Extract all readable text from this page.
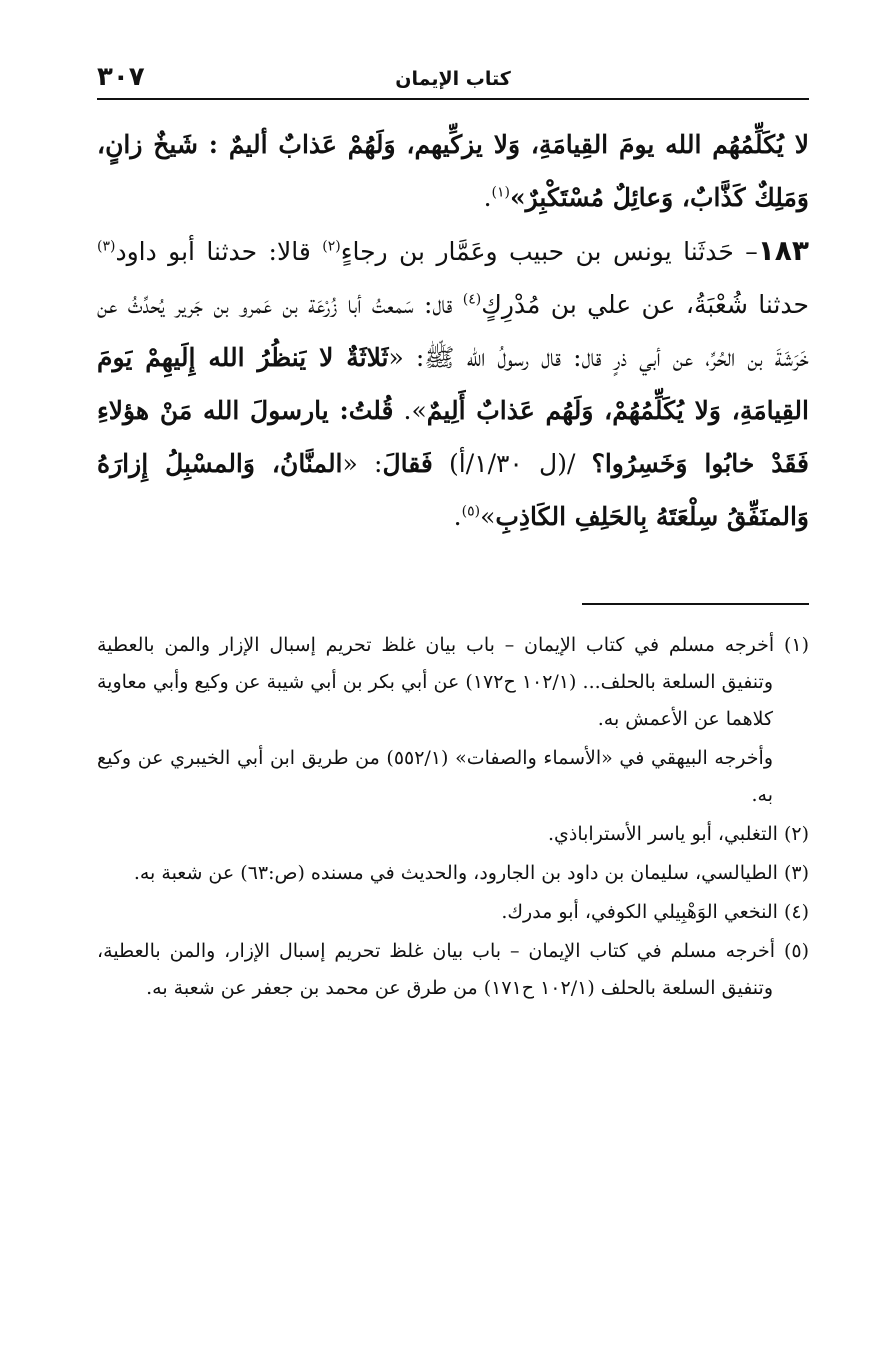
كتاب الإيمان
٣٠٧

لا يُكَلِّمُهُم الله يومَ القِيامَةِ، وَلا يزكِّيهم، وَلَهُمْ عَذابٌ أليمٌ : شَيخٌ زانٍ، وَمَلِكٌ كَذَّابٌ، وَعائِلٌ مُسْتَكْبِرٌ»$^{(١)}$.

١٨٣– حَدثَنا يونس بن حبيب وعَمَّار بن رجاءٍ$^{(٢)}$ قالا: حدثنا أبو داود$^{(٣)}$ حدثنا شُعْبَةُ، عن علي بن مُدْرِكٍ$^{(٤)}$ قال: سَمعتُ أبا زُرْعَة بن عَمرو بن جَرير يُحدِّثُ عن خَرَشَةَ بن الحُرِّ، عن أبي ذرٍ قال: قال رسولُ الله ﷺ: «ثَلاثَةٌ لا يَنظُرُ الله إِلَيهِمْ يَومَ القِيامَةِ، وَلا يُكَلِّمُهُمْ، وَلَهُم عَذابٌ أَلِيمٌ». قُلتُ: يارسولَ الله مَنْ هؤلاءِ فَقَدْ خابُوا وَخَسِرُوا؟ /(ل ١/٣٠/أ) فَقالَ: «المنَّانُ، وَالمسْبِلُ إِزارَهُ وَالمنَفِّقُ سِلْعَتَهُ بِالحَلِفِ الكَاذِبِ»$^{(٥)}$.

(١) أخرجه مسلم في كتاب الإيمان – باب بيان غلظ تحريم إسبال الإزار والمن بالعطية وتنفيق السلعة بالحلف... (١٠٢/١ ح١٧٢) عن أبي بكر بن أبي شيبة عن وكيع وأبي معاوية كلاهما عن الأعمش به.

وأخرجه البيهقي في «الأسماء والصفات» (٥٥٢/١) من طريق ابن أبي الخيبري عن وكيع به.

(٢) التغلبي، أبو ياسر الأستراباذي.

(٣) الطيالسي، سليمان بن داود بن الجارود، والحديث في مسنده (ص:٦٣) عن شعبة به.

(٤) النخعي الوَهْبِيلي الكوفي، أبو مدرك.

(٥) أخرجه مسلم في كتاب الإيمان – باب بيان غلظ تحريم إسبال الإزار، والمن بالعطية، وتنفيق السلعة بالحلف (١٠٢/١ ح١٧١) من طرق عن محمد بن جعفر عن شعبة به.
